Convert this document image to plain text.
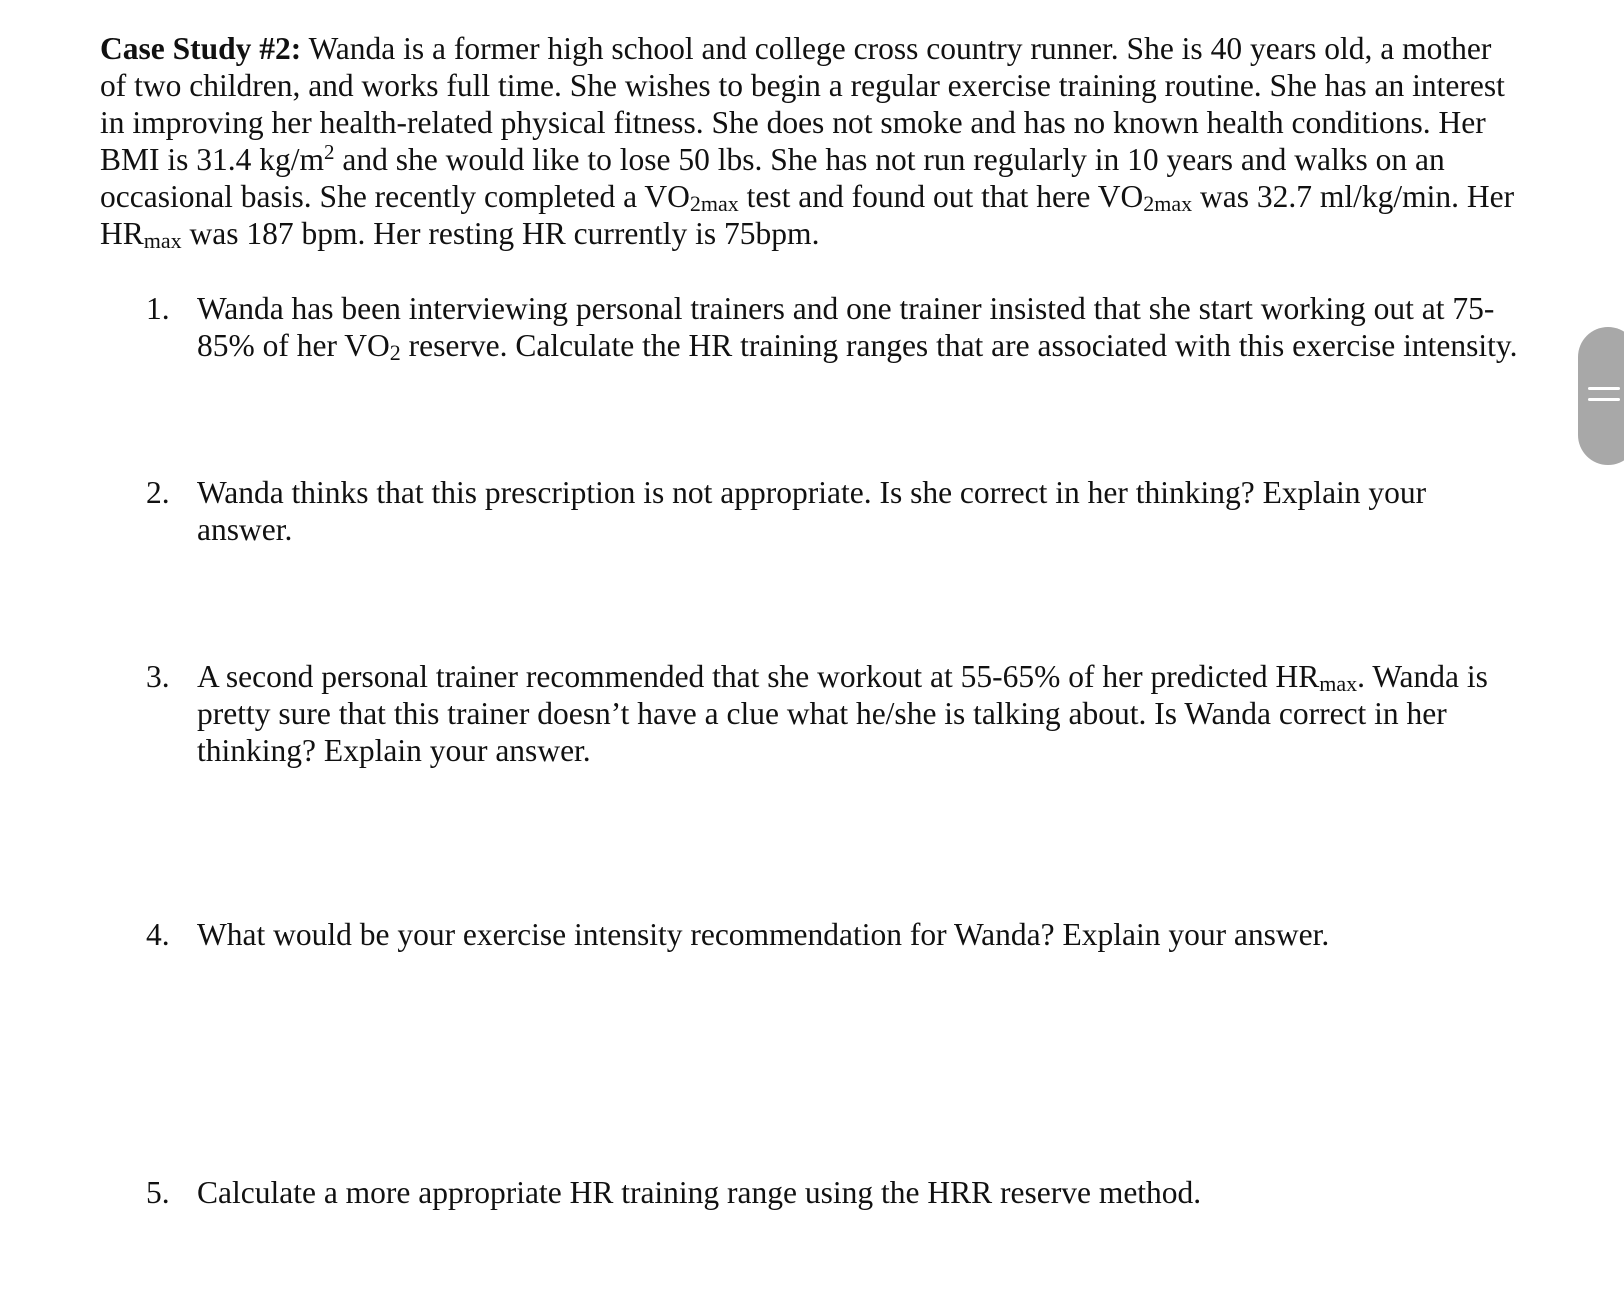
Case Study #2: Wanda is a former high school and college cross country runner. She is 40 years old, a mother
of two children, and works full time. She wishes to begin a regular exercise training routine. She has an interest
in improving her health-related physical fitness. She does not smoke and has no known health conditions. Her
BMI is 31.4 $kg/m^2$ and she would like to lose 50 lbs. She has not run regularly in 10 years and walks on an
occasional basis. She recently completed a VO2max test and found out that here VO2max was 32.7 ml/kg/min. Her
HRmax was 187 bpm. Her resting HR currently is 75bpm.
1. Wanda has been interviewing personal trainers and one trainer insisted that she start working out at 75-
85% of her VO2 reserve. Calculate the HR training ranges that are associated with this exercise intensity.
2. Wanda thinks that this prescription is not appropriate. Is she correct in her thinking? Explain your
answer.
3. A second personal trainer recommended that she workout at 55-65% of her predicted HRmax. Wanda is
pretty sure that this trainer doesn’t have a clue what he/she is talking about. Is Wanda correct in her
thinking? Explain your answer.
4. What would be your exercise intensity recommendation for Wanda? Explain your answer.
5. Calculate a more appropriate HR training range using the HRR reserve method.
